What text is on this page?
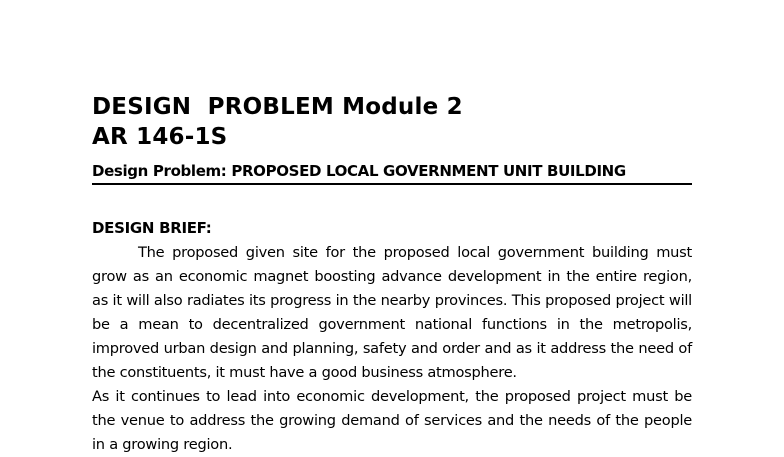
DESIGN  PROBLEM Module 2
AR 146-1S
Design Problem: PROPOSED LOCAL GOVERNMENT UNIT BUILDING
DESIGN BRIEF:

The proposed given site for the proposed local government building must grow as an economic magnet boosting advance development in the entire region, as it will also radiates its progress in the nearby provinces. This proposed project will be a mean to decentralized government national functions in the metropolis, improved urban design and planning, safety and order and as it address the need of the constituents, it must have a good business atmosphere.

As it continues to lead into economic development, the proposed project must be the venue to address the growing demand of services and the needs of the people in a growing region.
